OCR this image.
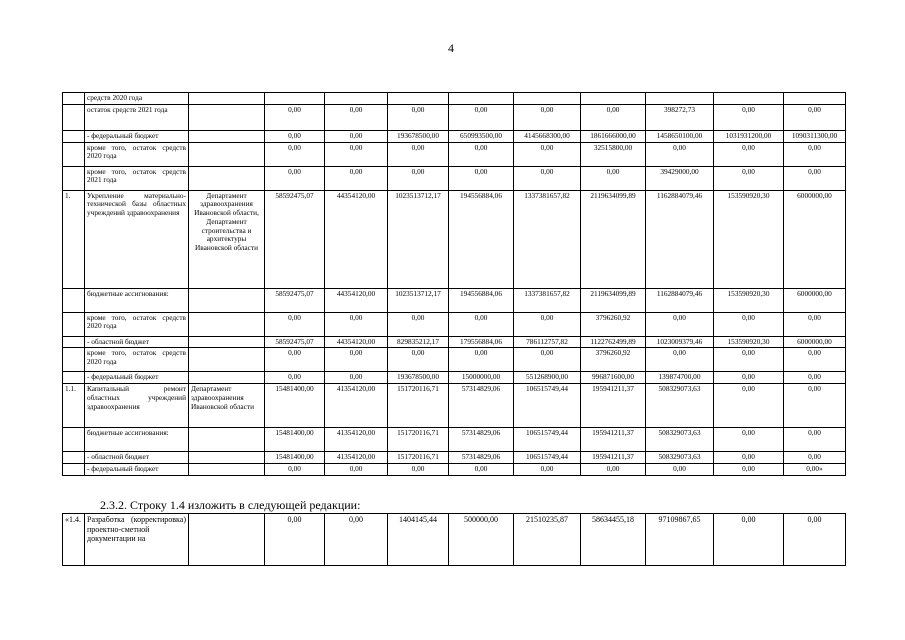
4
	средств 2020 года										
	остаток средств 2021 года		0,00	0,00	0,00	0,00	0,00	0,00	398272,73	0,00	0,00
	- федеральный бюджет		0,00	0,00	193678500,00	650993500,00	4145668300,00	1861666000,00	1458650100,00	1031931200,00	1090311300,00
	кроме того, остаток средств 2020 года		0,00	0,00	0,00	0,00	0,00	32515800,00	0,00	0,00	0,00
	кроме того, остаток средств 2021 года		0,00	0,00	0,00	0,00	0,00	0,00	39429000,00	0,00	0,00
1.	Укрепление материально-технической базы областных учреждений здравоохранения	Департамент здравоохранения Ивановской области, Департамент строительства и архитектуры Ивановской области	58592475,07	44354120,00	1023513712,17	194556884,06	1337381657,82	2119634099,89	1162884079,46	153590920,30	6000000,00
	бюджетные ассигнования:		58592475,07	44354120,00	1023513712,17	194556884,06	1337381657,82	2119634099,89	1162884079,46	153590920,30	6000000,00
	кроме того, остаток средств 2020 года		0,00	0,00	0,00	0,00	0,00	3796260,92	0,00	0,00	0,00
	- областной бюджет		58592475,07	44354120,00	829835212,17	179556884,06	786112757,82	1122762499,89	1023009379,46	153590920,30	6000000,00
	кроме того, остаток средств 2020 года		0,00	0,00	0,00	0,00	0,00	3796260,92	0,00	0,00	0,00
	- федеральный бюджет		0,00	0,00	193678500,00	15000000,00	551268900,00	996871600,00	139874700,00	0,00	0,00
1.1.	Капитальный ремонт областных учреждений здравоохранения	Департамент здравоохранения Ивановской области	15481400,00	41354120,00	151720116,71	57314829,06	106515749,44	195941211,37	508329073,63	0,00	0,00
	бюджетные ассигнования:		15481400,00	41354120,00	151720116,71	57314829,06	106515749,44	195941211,37	508329073,63	0,00	0,00
	- областной бюджет		15481400,00	41354120,00	151720116,71	57314829,06	106515749,44	195941211,37	508329073,63	0,00	0,00
	- федеральный бюджет		0,00	0,00	0,00	0,00	0,00	0,00	0,00	0,00	0,00»
2.3.2. Строку 1.4 изложить в следующей редакции:
«1.4.	Разработка (корректировка) проектно-сметной документации на		0,00	0,00	1404145,44	500000,00	21510235,87	58634455,18	97109867,65	0,00	0,00
